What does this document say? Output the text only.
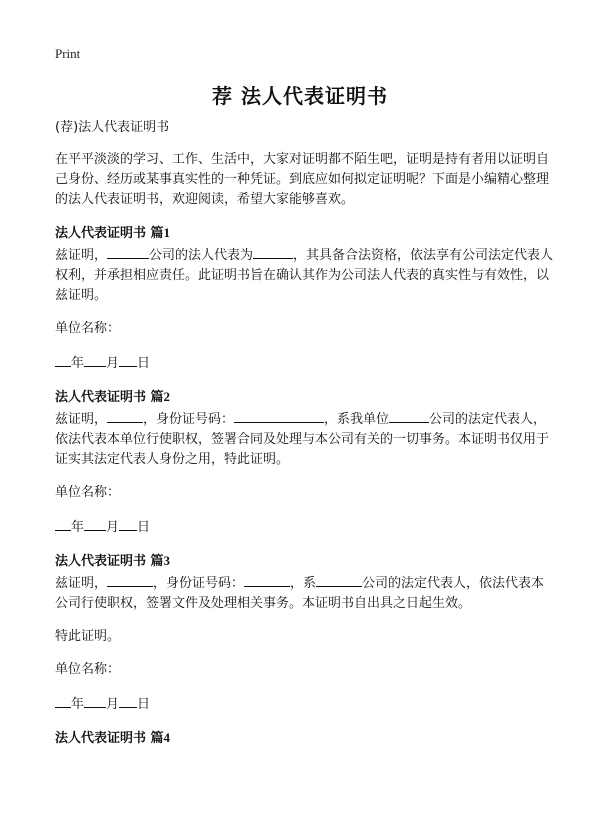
Print
荐 法人代表证明书

(荐)法人代表证明书

在平平淡淡的学习、工作、生活中，大家对证明都不陌生吧，证明是持有者用以证明自己身份、经历或某事真实性的一种凭证。到底应如何拟定证明呢？下面是小编精心整理的法人代表证明书，欢迎阅读，希望大家能够喜欢。

法人代表证明书 篇1

兹证明，	公司的法人代表为	，其具备合法资格，依法享有公司法定代表人权利，并承担相应责任。此证明书旨在确认其作为公司法人代表的真实性与有效性，以兹证明。

单位名称：

年 月 日

法人代表证明书 篇2

兹证明，	，身份证号码：	，系我单位	公司的法定代表人，依法代表本单位行使职权，签署合同及处理与本公司有关的一切事务。本证明书仅用于证实其法定代表人身份之用，特此证明。

单位名称：

年 月 日

法人代表证明书 篇3

兹证明，	，身份证号码：	，系	公司的法定代表人，依法代表本公司行使职权，签署文件及处理相关事务。本证明书自出具之日起生效。

特此证明。

单位名称：

年 月 日

法人代表证明书 篇4
